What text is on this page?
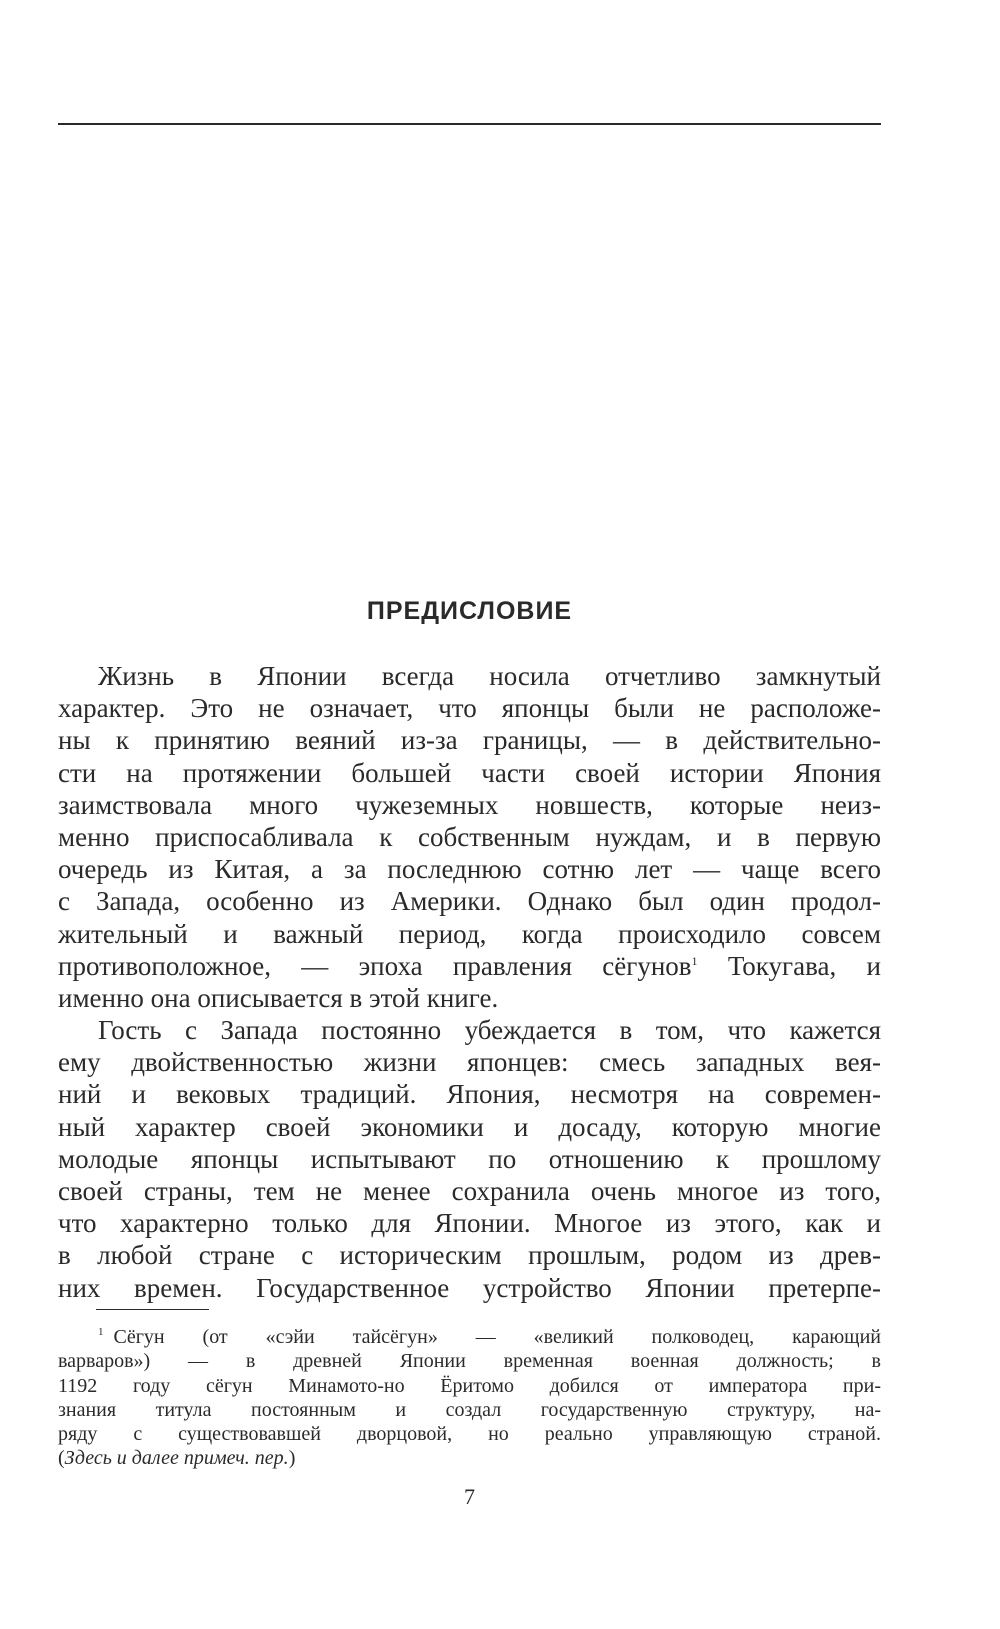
ПРЕДИСЛОВИЕ
Жизнь в Японии всегда носила отчетливо замкнутый
характер. Это не означает, что японцы были не расположе-
ны к принятию веяний из-за границы, — в действительно-
сти на протяжении большей части своей истории Япония
заимствовала много чужеземных новшеств, которые неиз-
менно приспосабливала к собственным нуждам, и в первую
очередь из Китая, а за последнюю сотню лет — чаще всего
с Запада, особенно из Америки. Однако был один продол-
жительный и важный период, когда происходило совсем
противоположное, — эпоха правления сёгунов$^1$ Токугава, и
именно она описывается в этой книге.
Гость с Запада постоянно убеждается в том, что кажется
ему двойственностью жизни японцев: смесь западных вея-
ний и вековых традиций. Япония, несмотря на современ-
ный характер своей экономики и досаду, которую многие
молодые японцы испытывают по отношению к прошлому
своей страны, тем не менее сохранила очень многое из того,
что характерно только для Японии. Многое из этого, как и
в любой стране с историческим прошлым, родом из древ-
них времен. Государственное устройство Японии претерпе-
$^1$ Сёгун (от «сэйи тайсёгун» — «великий полководец, карающий
варваров») — в древней Японии временная военная должность; в
1192 году сёгун Минамото-но Ёритомо добился от императора при-
знания титула постоянным и создал государственную структуру, на-
ряду с существовавшей дворцовой, но реально управляющую страной.
(Здесь и далее примеч. пер.)
7
